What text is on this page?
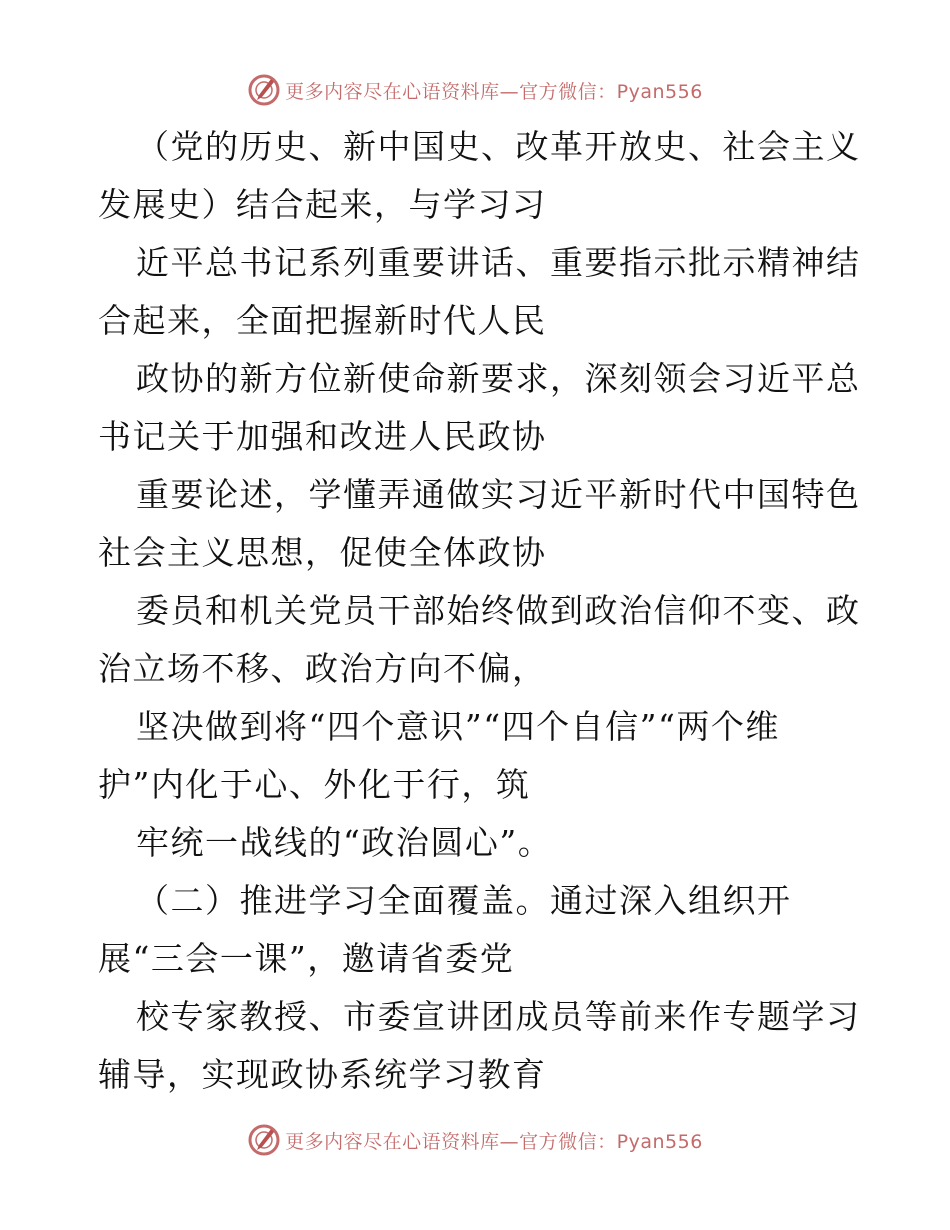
更多内容尽在心语资料库—官方微信：Pyan556
（党的历史、新中国史、改革开放史、社会主义
发展史）结合起来，与学习习
近平总书记系列重要讲话、重要指示批示精神结
合起来，全面把握新时代人民
政协的新方位新使命新要求，深刻领会习近平总
书记关于加强和改进人民政协
重要论述，学懂弄通做实习近平新时代中国特色
社会主义思想，促使全体政协
委员和机关党员干部始终做到政治信仰不变、政
治立场不移、政治方向不偏，
坚决做到将“四个意识”“四个自信”“两个维
护”内化于心、外化于行，筑
牢统一战线的“政治圆心”。
（二）推进学习全面覆盖。通过深入组织开
展“三会一课”，邀请省委党
校专家教授、市委宣讲团成员等前来作专题学习
辅导，实现政协系统学习教育
更多内容尽在心语资料库—官方微信：Pyan556
